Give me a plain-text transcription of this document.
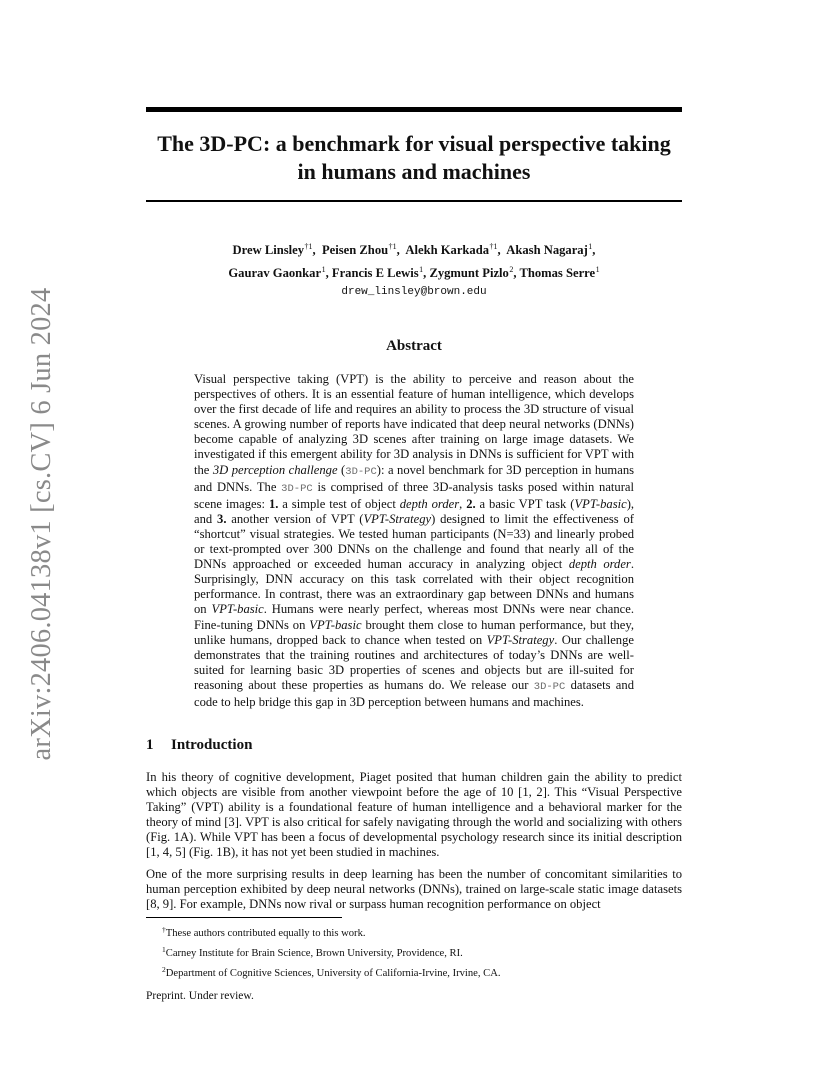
arXiv:2406.04138v1 [cs.CV] 6 Jun 2024
The 3D-PC: a benchmark for visual perspective taking
in humans and machines
Drew Linsley$^{\dagger 1}$,  Peisen Zhou$^{\dagger 1}$,  Alekh Karkada$^{\dagger 1}$,  Akash Nagaraj$^1$,
Gaurav Gaonkar$^1$, Francis E Lewis$^1$, Zygmunt Pizlo$^2$, Thomas Serre$^1$
drew_linsley@brown.edu
Abstract

Visual perspective taking (VPT) is the ability to perceive and reason about the perspectives of others. It is an essential feature of human intelligence, which develops over the first decade of life and requires an ability to process the 3D structure of visual scenes. A growing number of reports have indicated that deep neural networks (DNNs) become capable of analyzing 3D scenes after training on large image datasets. We investigated if this emergent ability for 3D analysis in DNNs is sufficient for VPT with the 3D perception challenge (3D-PC): a novel benchmark for 3D perception in humans and DNNs. The 3D-PC is comprised of three 3D-analysis tasks posed within natural scene images: 1. a simple test of object depth order, 2. a basic VPT task (VPT-basic), and 3. another version of VPT (VPT-Strategy) designed to limit the effectiveness of “shortcut” visual strategies. We tested human participants (N=33) and linearly probed or text-prompted over 300 DNNs on the challenge and found that nearly all of the DNNs approached or exceeded human accuracy in analyzing object depth order. Surprisingly, DNN accuracy on this task correlated with their object recognition performance. In contrast, there was an extraordinary gap between DNNs and humans on VPT-basic. Humans were nearly perfect, whereas most DNNs were near chance. Fine-tuning DNNs on VPT-basic brought them close to human performance, but they, unlike humans, dropped back to chance when tested on VPT-Strategy. Our challenge demonstrates that the training routines and architectures of today’s DNNs are well-suited for learning basic 3D properties of scenes and objects but are ill-suited for reasoning about these properties as humans do. We release our 3D-PC datasets and code to help bridge this gap in 3D perception between humans and machines.

1 Introduction

In his theory of cognitive development, Piaget posited that human children gain the ability to predict which objects are visible from another viewpoint before the age of 10 [1, 2]. This “Visual Perspective Taking” (VPT) ability is a foundational feature of human intelligence and a behavioral marker for the theory of mind [3]. VPT is also critical for safely navigating through the world and socializing with others (Fig. 1A). While VPT has been a focus of developmental psychology research since its initial description [1, 4, 5] (Fig. 1B), it has not yet been studied in machines.

One of the more surprising results in deep learning has been the number of concomitant similarities to human perception exhibited by deep neural networks (DNNs), trained on large-scale static image datasets [8, 9]. For example, DNNs now rival or surpass human recognition performance on object

†These authors contributed equally to this work.
$^1$Carney Institute for Brain Science, Brown University, Providence, RI.
$^2$Department of Cognitive Sciences, University of California-Irvine, Irvine, CA.
Preprint. Under review.
